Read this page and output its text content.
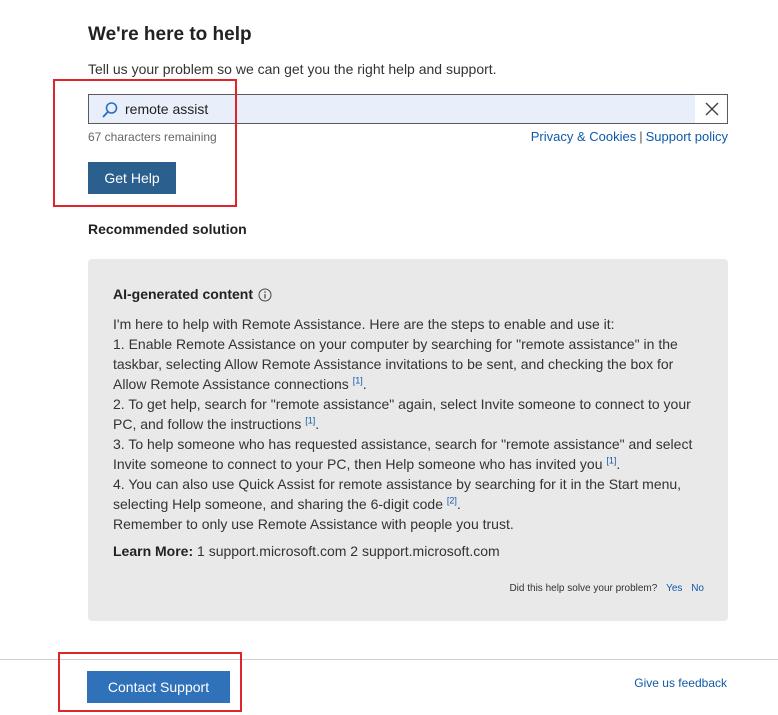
We're here to help
Tell us your problem so we can get you the right help and support.
remote assist
67 characters remaining	Privacy & Cookies | Support policy
Get Help
Recommended solution
AI-generated content

I'm here to help with Remote Assistance. Here are the steps to enable and use it:

1. Enable Remote Assistance on your computer by searching for "remote assistance" in the taskbar, selecting Allow Remote Assistance invitations to be sent, and checking the box for Allow Remote Assistance connections [1].

2. To get help, search for "remote assistance" again, select Invite someone to connect to your PC, and follow the instructions [1].

3. To help someone who has requested assistance, search for "remote assistance" and select Invite someone to connect to your PC, then Help someone who has invited you [1].

4. You can also use Quick Assist for remote assistance by searching for it in the Start menu, selecting Help someone, and sharing the 6-digit code [2].

Remember to only use Remote Assistance with people you trust.

Learn More: 1 support.microsoft.com 2 support.microsoft.com
Did this help solve your problem? Yes No
Contact Support	Give us feedback
